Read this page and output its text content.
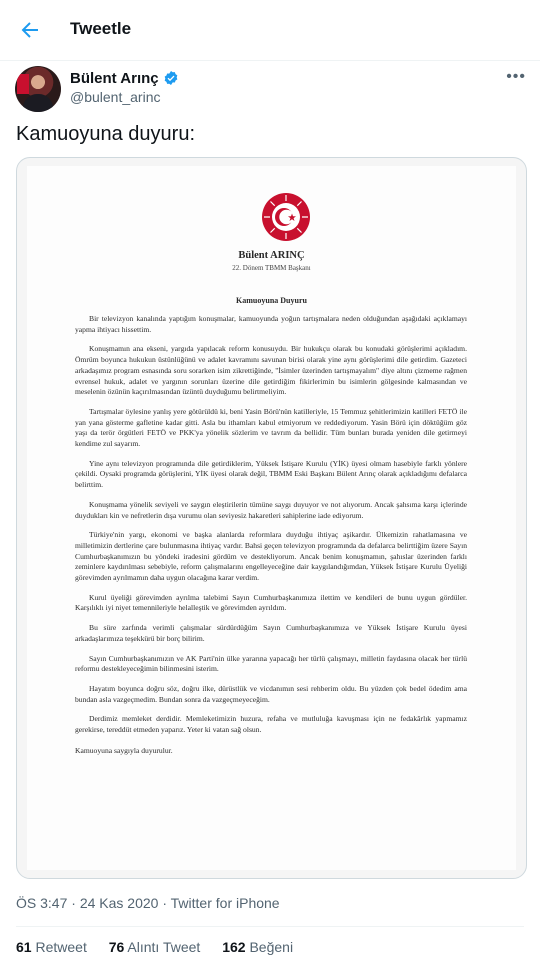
Tweetle
Bülent Arınç
@bulent_arinc
•••
Kamuoyuna duyuru:
Bülent ARINÇ
22. Dönem TBMM Başkanı
Kamuoyuna Duyuru

Bir televizyon kanalında yaptığım konuşmalar, kamuoyunda yoğun tartışmalara neden olduğundan aşağıdaki açıklamayı yapma ihtiyacı hissettim.

Konuşmamın ana ekseni, yargıda yapılacak reform konusuydu. Bir hukukçu olarak bu konudaki görüşlerimi açıkladım. Ömrüm boyunca hukukun üstünlüğünü ve adalet kavramını savunan birisi olarak yine aynı görüşlerimi dile getirdim. Gazeteci arkadaşımız program esnasında soru sorarken isim zikrettiğinde, "İsimler üzerinden tartışmayalım" diye altını çizmeme rağmen evrensel hukuk, adalet ve yargının sorunları üzerine dile getirdiğim fikirlerimin bu isimlerin gölgesinde kalmasından ve meselenin özünün kaçırılmasından üzüntü duyduğumu belirtmeliyim.

Tartışmalar öylesine yanlış yere götürüldü ki, beni Yasin Börü'nün katilleriyle, 15 Temmuz şehitlerimizin katilleri FETÖ ile yan yana gösterme gafletine kadar gitti. Asla bu ithamları kabul etmiyorum ve reddediyorum. Yasin Börü için döktüğüm göz yaşı da terör örgütleri FETÖ ve PKK'ya yönelik sözlerim ve tavrım da bellidir. Tüm bunları burada yeniden dile getirmeyi kendime zul sayarım.

Yine aynı televizyon programında dile getirdiklerim, Yüksek İstişare Kurulu (YİK) üyesi olmam hasebiyle farklı yönlere çekildi. Oysaki programda görüşlerini, YİK üyesi olarak değil, TBMM Eski Başkanı Bülent Arınç olarak açıkladığımı defalarca belirttim.

Konuşmama yönelik seviyeli ve saygın eleştirilerin tümüne saygı duyuyor ve not alıyorum. Ancak şahsıma karşı içlerinde duydukları kin ve nefretlerin dışa vurumu olan seviyesiz hakaretleri sahiplerine iade ediyorum.

Türkiye'nin yargı, ekonomi ve başka alanlarda reformlara duyduğu ihtiyaç aşikardır. Ülkemizin rahatlamasına ve milletimizin dertlerine çare bulunmasına ihtiyaç vardır. Bahsi geçen televizyon programında da defalarca belirttiğim üzere Sayın Cumhurbaşkanımızın bu yöndeki iradesini gördüm ve destekliyorum. Ancak benim konuşmamın, şahıslar üzerinden farklı zeminlere kaydırılması sebebiyle, reform çalışmalarını engelleyeceğine dair kaygılandığımdan, Yüksek İstişare Kurulu Üyeliği görevimden ayrılmamın daha uygun olacağına karar verdim.

Kurul üyeliği görevimden ayrılma talebimi Sayın Cumhurbaşkanımıza ilettim ve kendileri de bunu uygun gördüler. Karşılıklı iyi niyet temennileriyle helalleştik ve görevimden ayrıldım.

Bu süre zarfında verimli çalışmalar sürdürdüğüm Sayın Cumhurbaşkanımıza ve Yüksek İstişare Kurulu üyesi arkadaşlarımıza teşekkürü bir borç bilirim.

Sayın Cumhurbaşkanımızın ve AK Parti'nin ülke yararına yapacağı her türlü çalışmayı, milletin faydasına olacak her türlü reformu destekleyeceğimin bilinmesini isterim.

Hayatım boyunca doğru söz, doğru ilke, dürüstlük ve vicdanımın sesi rehberim oldu. Bu yüzden çok bedel ödedim ama bundan asla vazgeçmedim. Bundan sonra da vazgeçmeyeceğim.

Derdimiz memleket derdidir. Memleketimizin huzura, refaha ve mutluluğa kavuşması için ne fedakârlık yapmamız gerekirse, tereddüt etmeden yaparız. Yeter ki vatan sağ olsun.

Kamuoyuna saygıyla duyurulur.

ÖS 3:47 · 24 Kas 2020 · Twitter for iPhone
61 Retweet 76 Alıntı Tweet 162 Beğeni
